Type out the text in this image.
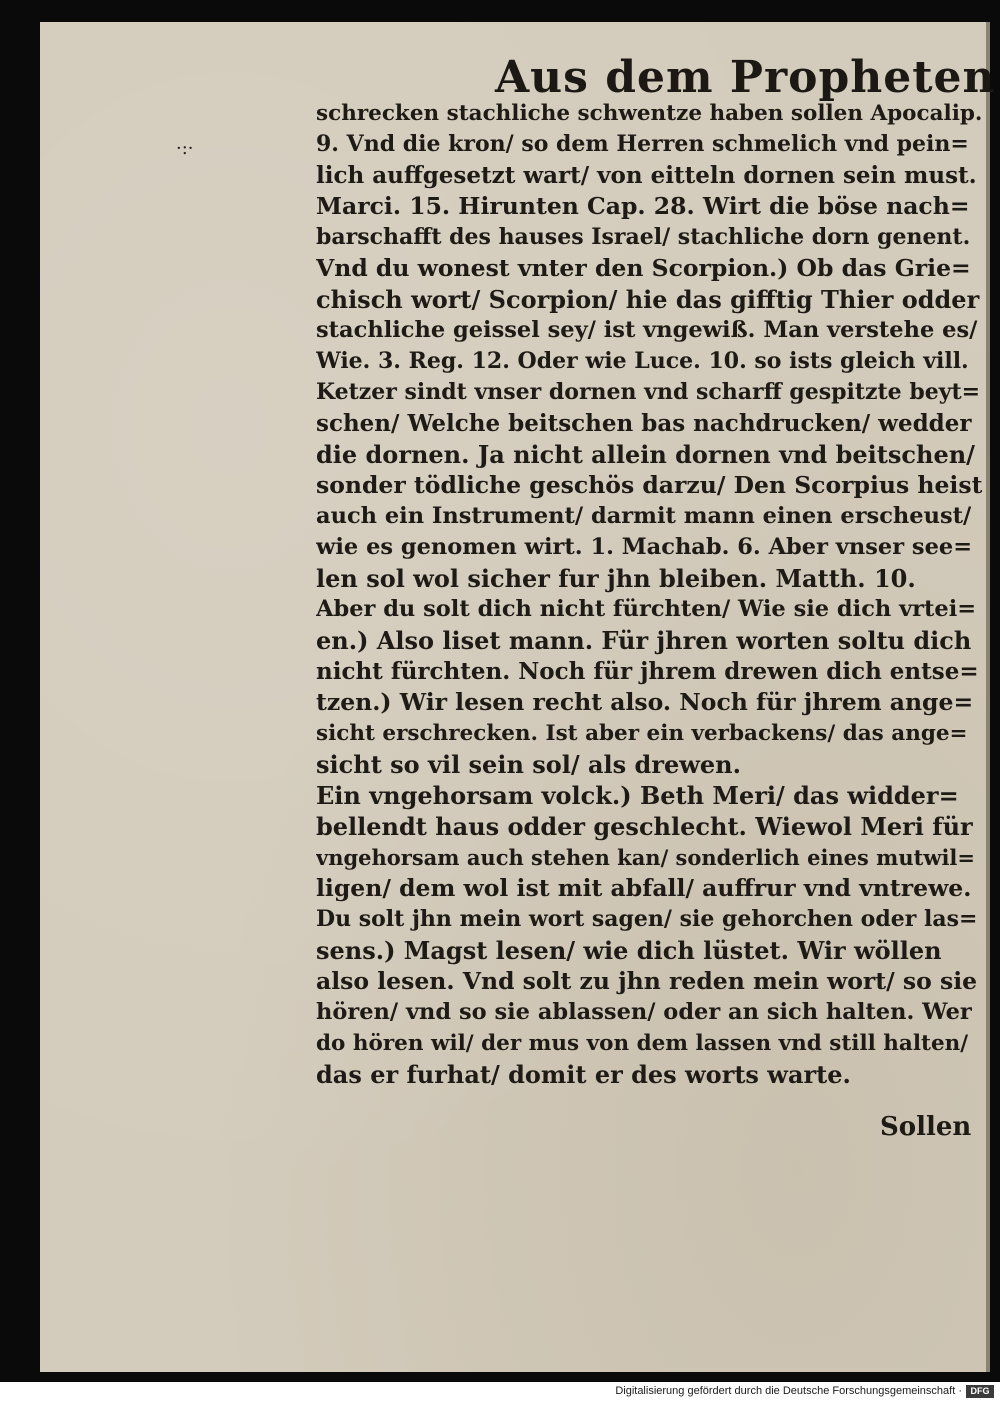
Aus dem Propheten
·:·
schrecken stachliche schwentze haben sollen Apocalip.
9. Vnd die kron/ so dem Herren schmelich vnd pein=
lich auffgesetzt wart/ von eitteln dornen sein must.
Marci. 15. Hirunten Cap. 28. Wirt die böse nach=
barschafft des hauses Israel/ stachliche dorn genent.
Vnd du wonest vnter den Scorpion.) Ob das Grie=
chisch wort/ Scorpion/ hie das gifftig Thier odder
stachliche geissel sey/ ist vngewiß. Man verstehe es/
Wie. 3. Reg. 12. Oder wie Luce. 10. so ists gleich vill.
Ketzer sindt vnser dornen vnd scharff gespitzte beyt=
schen/ Welche beitschen bas nachdrucken/ wedder
die dornen. Ja nicht allein dornen vnd beitschen/
sonder tödliche geschös darzu/ Den Scorpius heist
auch ein Instrument/ darmit mann einen erscheust/
wie es genomen wirt. 1. Machab. 6. Aber vnser see=
len sol wol sicher fur jhn bleiben. Matth. 10.
Aber du solt dich nicht fürchten/ Wie sie dich vrtei=
en.) Also liset mann. Für jhren worten soltu dich
nicht fürchten. Noch für jhrem drewen dich entse=
tzen.) Wir lesen recht also. Noch für jhrem ange=
sicht erschrecken. Ist aber ein verbackens/ das ange=
sicht so vil sein sol/ als drewen.
Ein vngehorsam volck.) Beth Meri/ das widder=
bellendt haus odder geschlecht. Wiewol Meri für
vngehorsam auch stehen kan/ sonderlich eines mutwil=
ligen/ dem wol ist mit abfall/ auffrur vnd vntrewe.
Du solt jhn mein wort sagen/ sie gehorchen oder las=
sens.) Magst lesen/ wie dich lüstet. Wir wöllen
also lesen. Vnd solt zu jhn reden mein wort/ so sie
hören/ vnd so sie ablassen/ oder an sich halten. Wer
do hören wil/ der mus von dem lassen vnd still halten/
das er furhat/ domit er des worts warte.
Sollen
Digitalisierung gefördert durch die Deutsche Forschungsgemeinschaft · DFG
